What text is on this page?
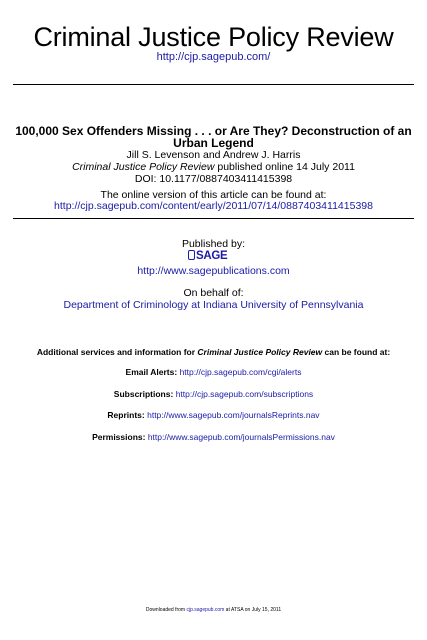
Criminal Justice Policy Review
http://cjp.sagepub.com/
100,000 Sex Offenders Missing . . . or Are They? Deconstruction of an
Urban Legend
Jill S. Levenson and Andrew J. Harris
Criminal Justice Policy Review published online 14 July 2011
DOI: 10.1177/0887403411415398
The online version of this article can be found at:
http://cjp.sagepub.com/content/early/2011/07/14/0887403411415398
Published by:
SAGE
http://www.sagepublications.com
On behalf of:
Department of Criminology at Indiana University of Pennsylvania
Additional services and information for Criminal Justice Policy Review can be found at:
Email Alerts: http://cjp.sagepub.com/cgi/alerts
Subscriptions: http://cjp.sagepub.com/subscriptions
Reprints: http://www.sagepub.com/journalsReprints.nav
Permissions: http://www.sagepub.com/journalsPermissions.nav
Downloaded from cjp.sagepub.com at ATSA on July 15, 2011
